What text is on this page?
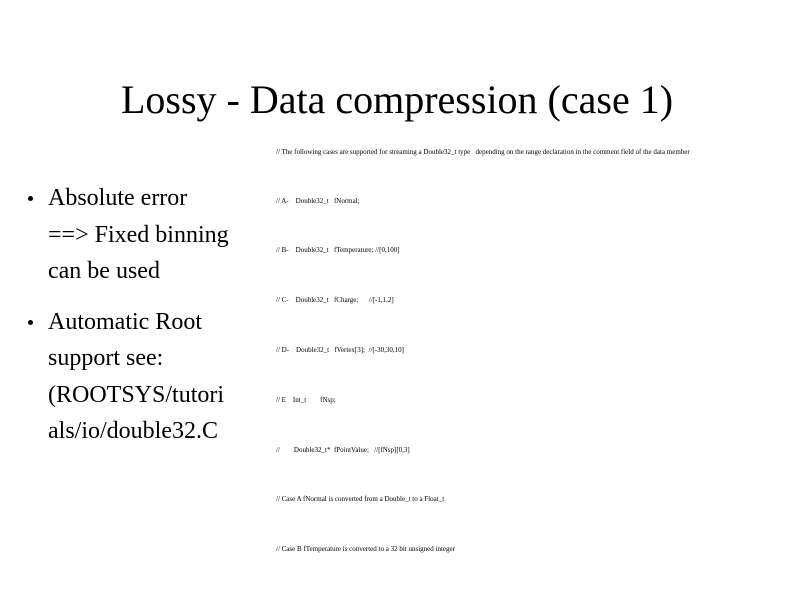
Lossy - Data compression (case 1)
Absolute error
==> Fixed binning
can be used
Automatic Root
support see:
(ROOTSYS/tutori
als/io/double32.C
// The following cases are supported for streaming a Double32_t type   depending on the range declaration in the comment field of the data member
// A-    Double32_t   fNormal;
// B-    Double32_t   fTemperature; //[0,100]
// C-    Double32_t   fCharge;      //[-1,1,2]
// D-    Double32_t   fVertex[3];  //[-30,30,10]
// E    Int_t        fNsp;
//        Double32_t*  fPointValue;   //[fNsp][0,3]
// Case A fNormal is converted from a Double_t to a Float_t
// Case B fTemperature is converted to a 32 bit unsigned integer
